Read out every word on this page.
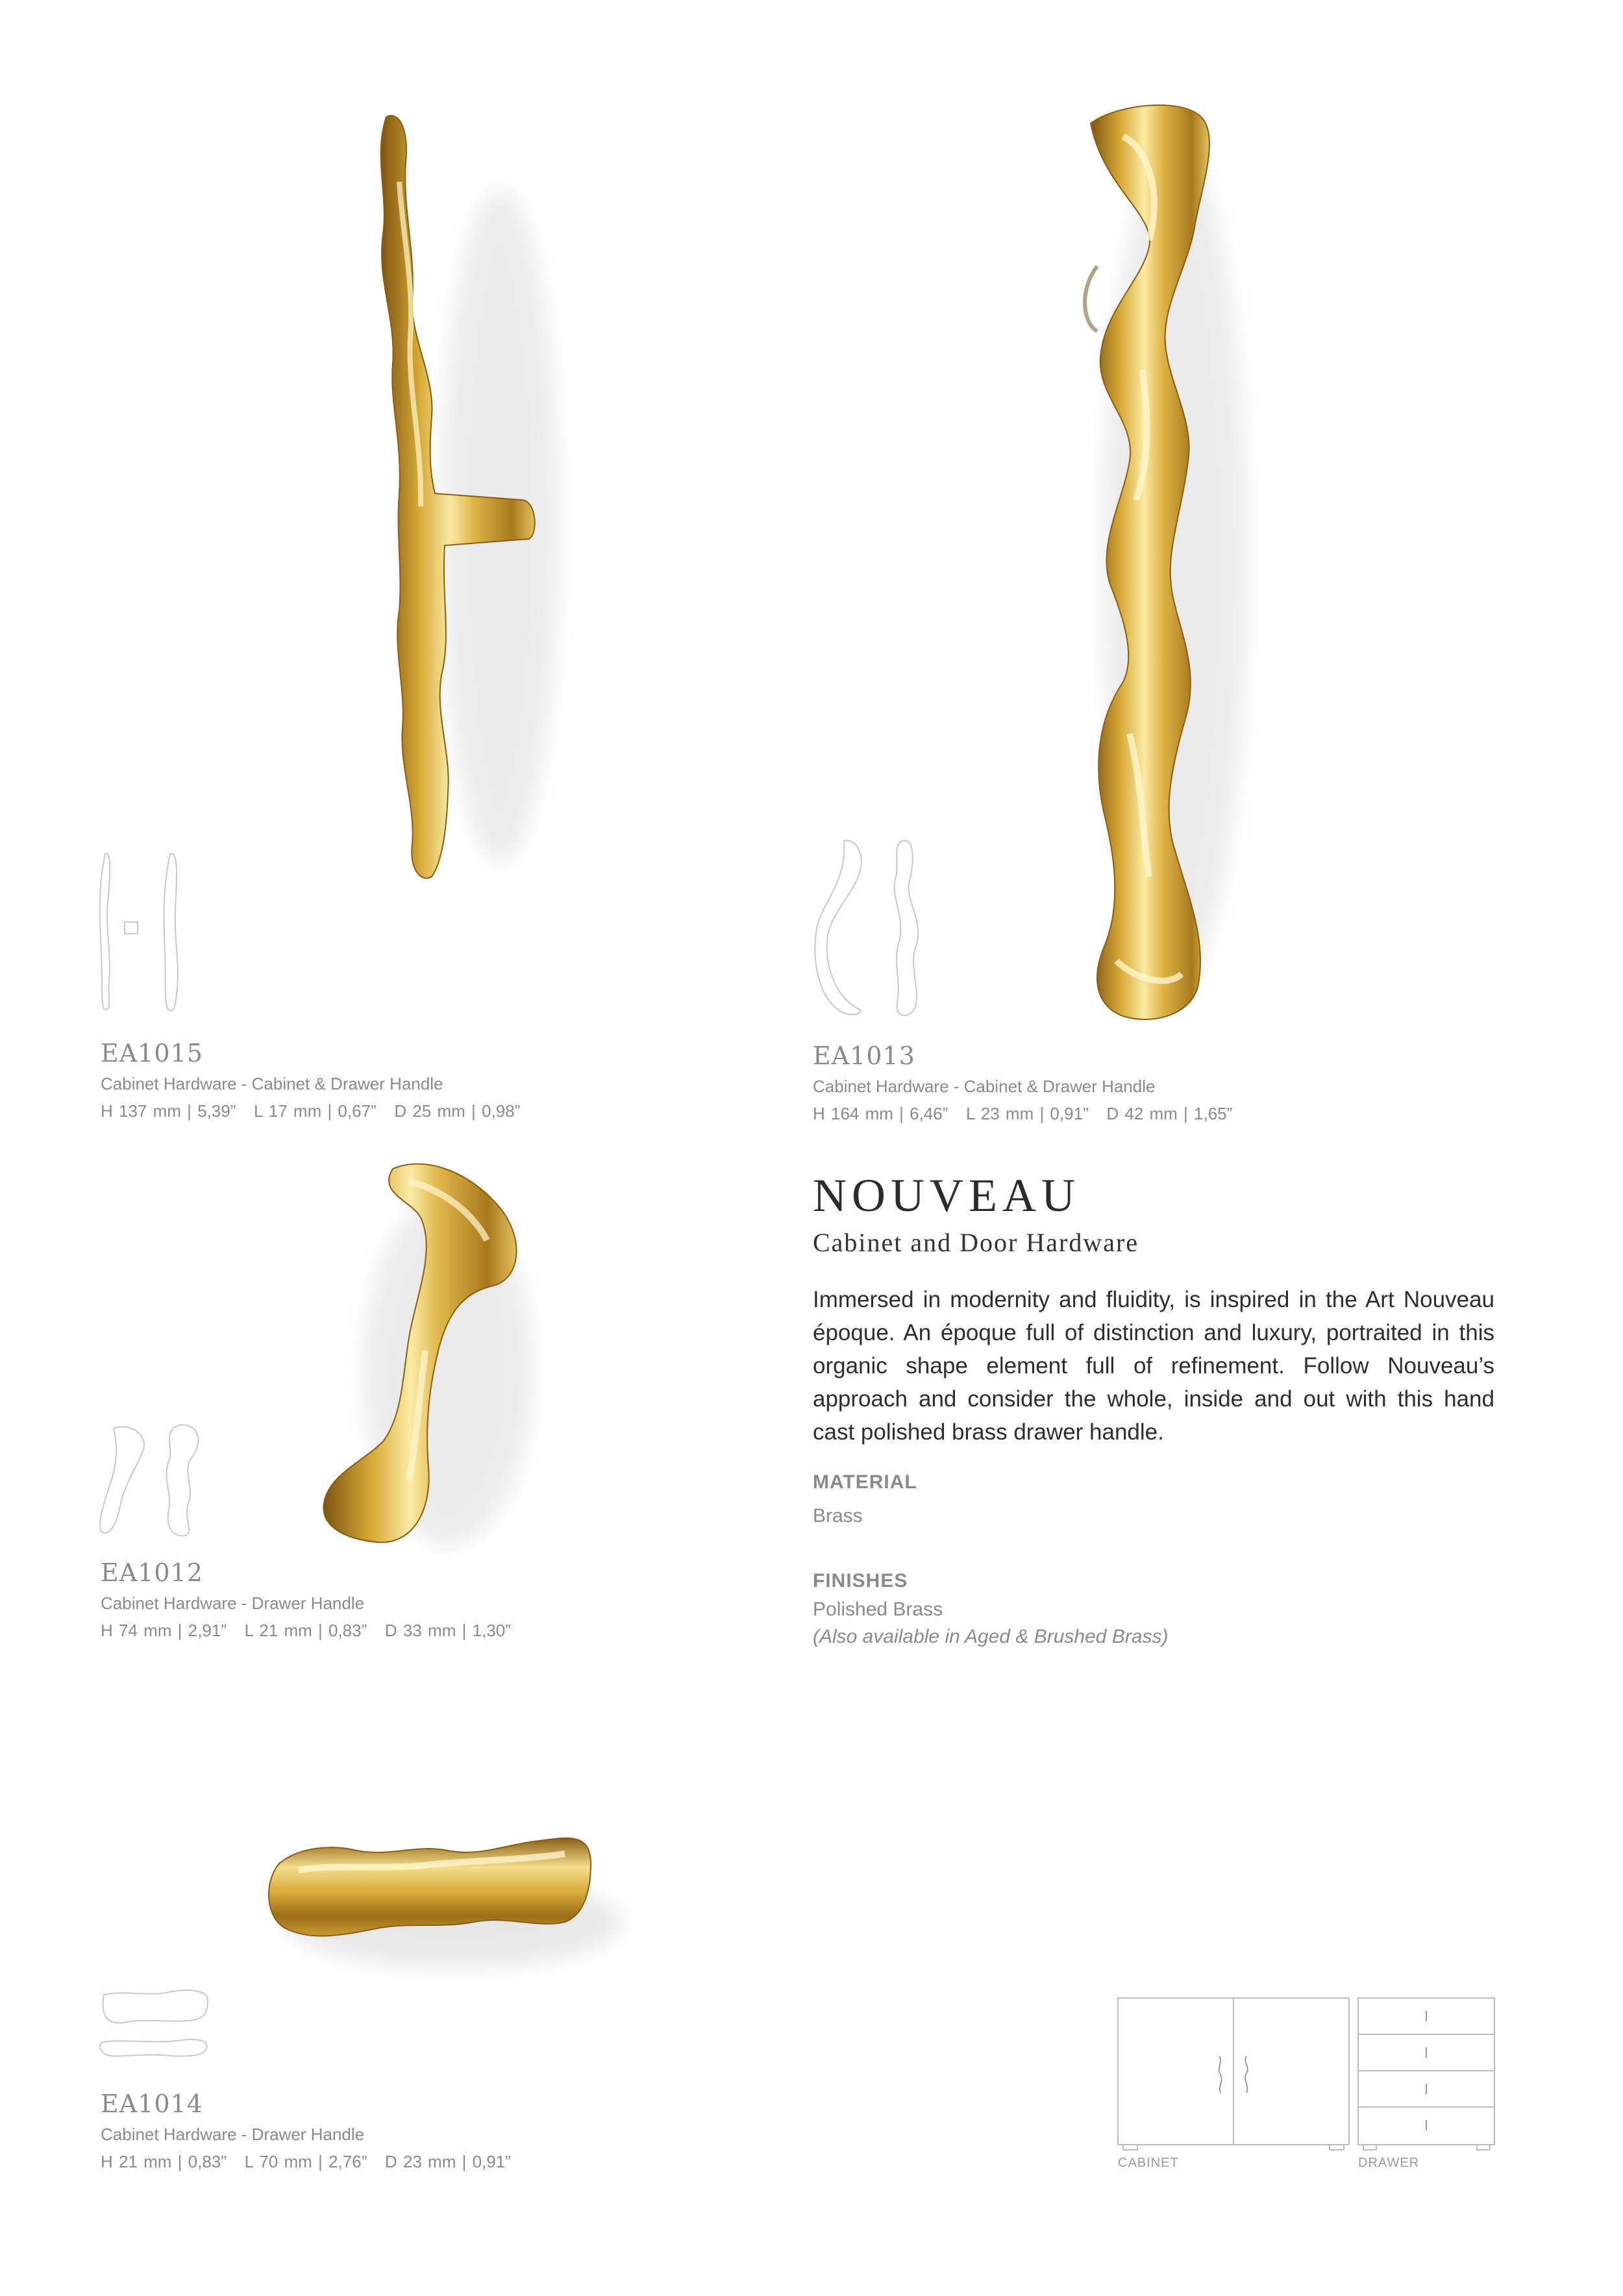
EA1015
Cabinet Hardware - Cabinet & Drawer Handle
H 137 mm | 5,39”   L 17 mm | 0,67”   D 25 mm | 0,98”
EA1013
Cabinet Hardware - Cabinet & Drawer Handle
H 164 mm | 6,46”   L 23 mm | 0,91”   D 42 mm | 1,65”
NOUVEAU
Cabinet and Door Hardware
Immersed in modernity and fluidity, is inspired in the Art Nouveau époque. An époque full of distinction and luxury, portraited in this organic shape element full of refinement. Follow Nouveau’s approach and consider the whole, inside and out with this hand cast polished brass drawer handle.
MATERIAL
Brass
FINISHES
Polished Brass
(Also available in Aged & Brushed Brass)
EA1012
Cabinet Hardware - Drawer Handle
H 74 mm | 2,91”   L 21 mm | 0,83”   D 33 mm | 1,30”
EA1014
Cabinet Hardware - Drawer Handle
H 21 mm | 0,83”   L 70 mm | 2,76”   D 23 mm | 0,91”	CABINET	DRAWER
